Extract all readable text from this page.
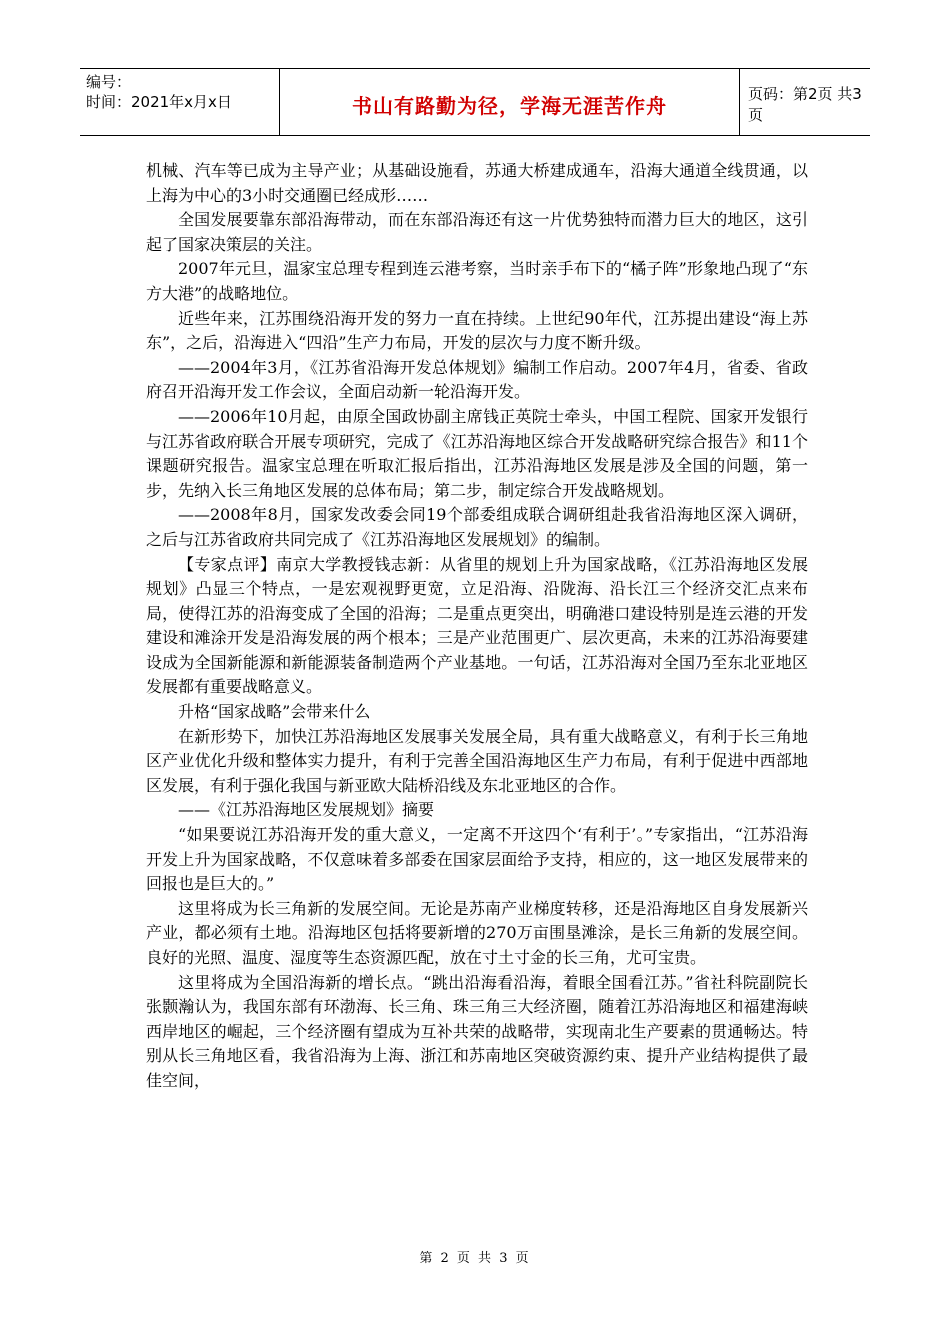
编号：
时间：2021年x月x日	书山有路勤为径，学海无涯苦作舟	页码：第2页 共3页

机械、汽车等已成为主导产业；从基础设施看，苏通大桥建成通车，沿海大通道全线贯通，以上海为中心的3小时交通圈已经成形……

全国发展要靠东部沿海带动，而在东部沿海还有这一片优势独特而潜力巨大的地区，这引起了国家决策层的关注。

2007年元旦，温家宝总理专程到连云港考察，当时亲手布下的“橘子阵”形象地凸现了“东方大港”的战略地位。

近些年来，江苏围绕沿海开发的努力一直在持续。上世纪90年代，江苏提出建设“海上苏东”，之后，沿海进入“四沿”生产力布局，开发的层次与力度不断升级。

——2004年3月，《江苏省沿海开发总体规划》编制工作启动。2007年4月，省委、省政府召开沿海开发工作会议，全面启动新一轮沿海开发。

——2006年10月起，由原全国政协副主席钱正英院士牵头，中国工程院、国家开发银行与江苏省政府联合开展专项研究，完成了《江苏沿海地区综合开发战略研究综合报告》和11个课题研究报告。温家宝总理在听取汇报后指出，江苏沿海地区发展是涉及全国的问题，第一步，先纳入长三角地区发展的总体布局；第二步，制定综合开发战略规划。

——2008年8月，国家发改委会同19个部委组成联合调研组赴我省沿海地区深入调研，之后与江苏省政府共同完成了《江苏沿海地区发展规划》的编制。

【专家点评】南京大学教授钱志新：从省里的规划上升为国家战略，《江苏沿海地区发展规划》凸显三个特点，一是宏观视野更宽，立足沿海、沿陇海、沿长江三个经济交汇点来布局，使得江苏的沿海变成了全国的沿海；二是重点更突出，明确港口建设特别是连云港的开发建设和滩涂开发是沿海发展的两个根本；三是产业范围更广、层次更高，未来的江苏沿海要建设成为全国新能源和新能源装备制造两个产业基地。一句话，江苏沿海对全国乃至东北亚地区发展都有重要战略意义。

升格“国家战略”会带来什么

在新形势下，加快江苏沿海地区发展事关发展全局，具有重大战略意义，有利于长三角地区产业优化升级和整体实力提升，有利于完善全国沿海地区生产力布局，有利于促进中西部地区发展，有利于强化我国与新亚欧大陆桥沿线及东北亚地区的合作。

——《江苏沿海地区发展规划》摘要

“如果要说江苏沿海开发的重大意义，一定离不开这四个‘有利于’。”专家指出，“江苏沿海开发上升为国家战略，不仅意味着多部委在国家层面给予支持，相应的，这一地区发展带来的回报也是巨大的。”

这里将成为长三角新的发展空间。无论是苏南产业梯度转移，还是沿海地区自身发展新兴产业，都必须有土地。沿海地区包括将要新增的270万亩围垦滩涂，是长三角新的发展空间。良好的光照、温度、湿度等生态资源匹配，放在寸土寸金的长三角，尤可宝贵。

这里将成为全国沿海新的增长点。“跳出沿海看沿海，着眼全国看江苏。”省社科院副院长张颢瀚认为，我国东部有环渤海、长三角、珠三角三大经济圈，随着江苏沿海地区和福建海峡西岸地区的崛起，三个经济圈有望成为互补共荣的战略带，实现南北生产要素的贯通畅达。特别从长三角地区看，我省沿海为上海、浙江和苏南地区突破资源约束、提升产业结构提供了最佳空间，

第 2 页 共 3 页
